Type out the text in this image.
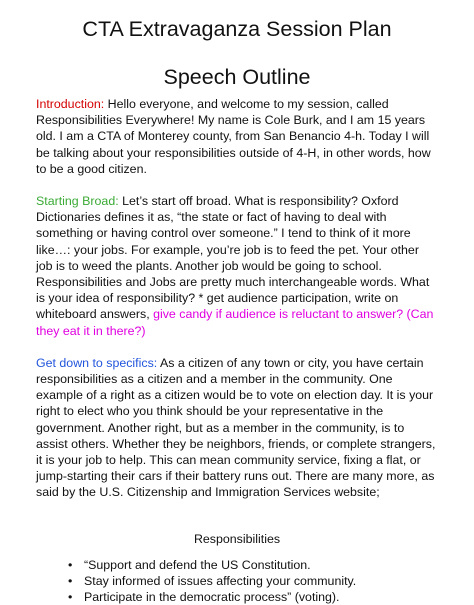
CTA Extravaganza Session Plan
Speech Outline

Introduction: Hello everyone, and welcome to my session, called Responsibilities Everywhere! My name is Cole Burk, and I am 15 years old. I am a CTA of Monterey county, from San Benancio 4-h. Today I will be talking about your responsibilities outside of 4-H, in other words, how to be a good citizen.

Starting Broad: Let’s start off broad. What is responsibility? Oxford Dictionaries defines it as, “the state or fact of having to deal with something or having control over someone.” I tend to think of it more like…: your jobs. For example, you’re job is to feed the pet. Your other job is to weed the plants. Another job would be going to school. Responsibilities and Jobs are pretty much interchangeable words. What is your idea of responsibility? * get audience participation, write on whiteboard answers, give candy if audience is reluctant to answer? (Can they eat it in there?)

Get down to specifics: As a citizen of any town or city, you have certain responsibilities as a citizen and a member in the community. One example of a right as a citizen would be to vote on election day. It is your right to elect who you think should be your representative in the government. Another right, but as a member in the community, is to assist others. Whether they be neighbors, friends, or complete strangers, it is your job to help. This can mean community service, fixing a flat, or jump-starting their cars if their battery runs out. There are many more, as said by the U.S. Citizenship and Immigration Services website;

Responsibilities
• “Support and defend the US Constitution.
• Stay informed of issues affecting your community.
• Participate in the democratic process” (voting).
